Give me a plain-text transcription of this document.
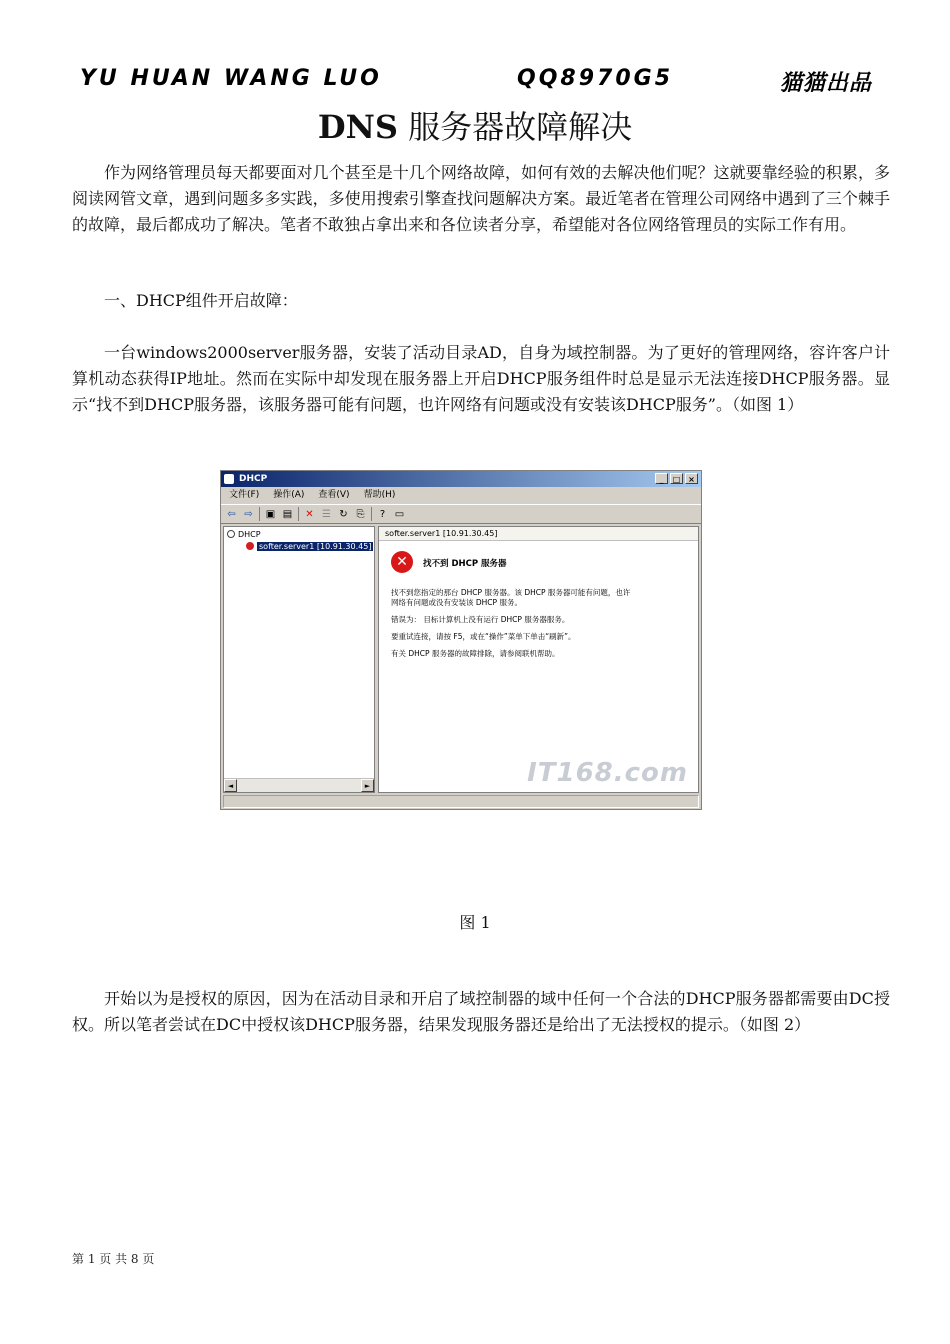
YU HUAN WANG LUO	QQ8970G5	猫猫出品
DNS 服务器故障解决

作为网络管理员每天都要面对几个甚至是十几个网络故障，如何有效的去解决他们呢？这就要靠经验的积累，多阅读网管文章，遇到问题多多实践，多使用搜索引擎查找问题解决方案。最近笔者在管理公司网络中遇到了三个棘手的故障，最后都成功了解决。笔者不敢独占拿出来和各位读者分享，希望能对各位网络管理员的实际工作有用。

一、DHCP组件开启故障：

一台windows2000server服务器，安装了活动目录AD，自身为域控制器。为了更好的管理网络，容许客户计算机动态获得IP地址。然而在实际中却发现在服务器上开启DHCP服务组件时总是显示无法连接DHCP服务器。显示“找不到DHCP服务器，该服务器可能有问题，也许网络有问题或没有安装该DHCP服务”。（如图 1）

DHCP	_	□ ×
文件(F) 操作(A) 查看(V) 帮助(H)
⇦ ⇨ ▣ ▤ ✕ ☰ ↻ ⎘	? ▭
DHCP
softer.server1 [10.91.30.45]
◄	►
softer.server1 [10.91.30.45]
✕	找不到 DHCP 服务器
找不到您指定的那台 DHCP 服务器。该 DHCP 服务器可能有问题，也许
网络有问题或没有安装该 DHCP 服务。
错误为： 目标计算机上没有运行 DHCP 服务器服务。
要重试连接，请按 F5，或在“操作”菜单下单击“刷新”。
有关 DHCP 服务器的故障排除，请参阅联机帮助。
IT168.com

图 1

开始以为是授权的原因，因为在活动目录和开启了域控制器的域中任何一个合法的DHCP服务器都需要由DC授权。所以笔者尝试在DC中授权该DHCP服务器，结果发现服务器还是给出了无法授权的提示。（如图 2）

第 1 页 共 8 页
